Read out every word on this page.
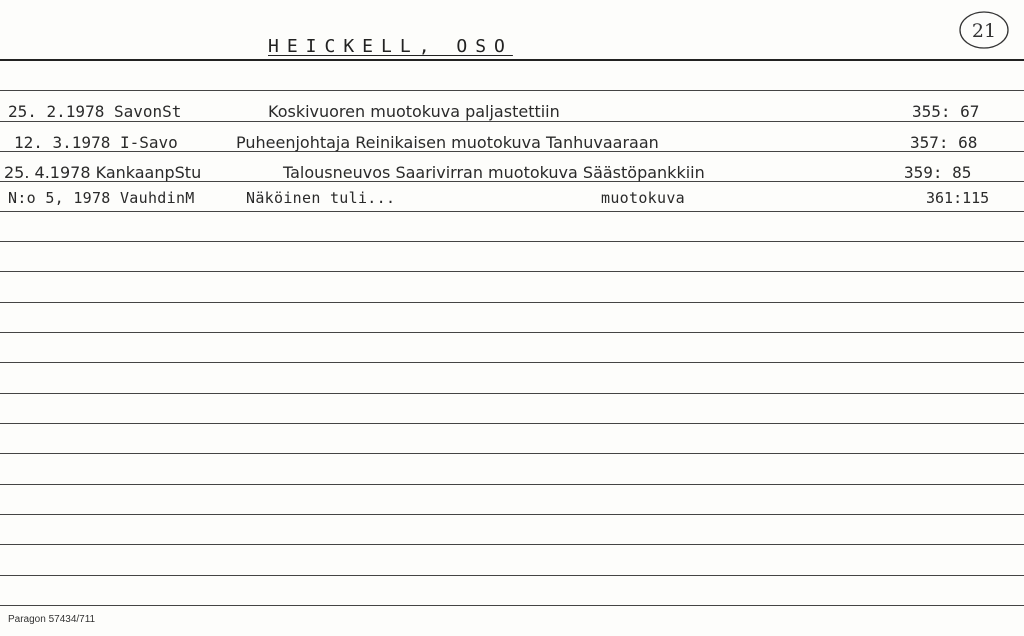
HEICKELL, OSO
21
25. 2.1978 SavonSt	Koskivuoren muotokuva paljastettiin	355: 67
12. 3.1978 I-Savo	Puheenjohtaja Reinikaisen muotokuva Tanhuvaaraan	357: 68
25. 4.1978 KankaanpStu	Talousneuvos Saarivirran muotokuva Säästöpankkiin	359: 85
N:o 5, 1978 VauhdinM	Näköinen tuli...	muotokuva	361:115
Paragon 57434/711
